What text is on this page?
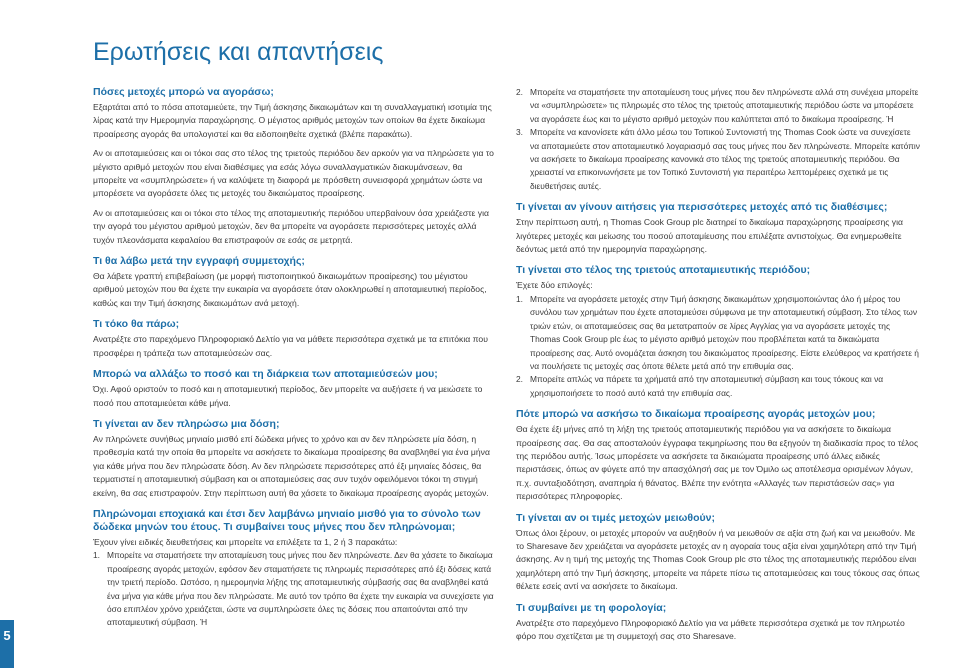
5
Ερωτήσεις και απαντήσεις
Πόσες μετοχές μπορώ να αγοράσω;

Εξαρτάται από το πόσα αποταμιεύετε, την Τιμή άσκησης δικαιωμάτων και τη συναλλαγματική ισοτιμία της λίρας κατά την Ημερομηνία παραχώρησης. Ο μέγιστος αριθμός μετοχών των οποίων θα έχετε δικαίωμα προαίρεσης αγοράς θα υπολογιστεί και θα ειδοποιηθείτε σχετικά (βλέπε παρακάτω).

Αν οι αποταμιεύσεις και οι τόκοι σας στο τέλος της τριετούς περιόδου δεν αρκούν για να πληρώσετε για το μέγιστο αριθμό μετοχών που είναι διαθέσιμες για εσάς λόγω συναλλαγματικών διακυμάνσεων, θα μπορείτε να «συμπληρώσετε» ή να καλύψετε τη διαφορά με πρόσθετη συνεισφορά χρημάτων ώστε να μπορέσετε να αγοράσετε όλες τις μετοχές του δικαιώματος προαίρεσης.

Αν οι αποταμιεύσεις και οι τόκοι στο τέλος της αποταμιευτικής περιόδου υπερβαίνουν όσα χρειάζεστε για την αγορά του μέγιστου αριθμού μετοχών, δεν θα μπορείτε να αγοράσετε περισσότερες μετοχές αλλά τυχόν πλεονάσματα κεφαλαίου θα επιστραφούν σε εσάς σε μετρητά.

Τι θα λάβω μετά την εγγραφή συμμετοχής;

Θα λάβετε γραπτή επιβεβαίωση (με μορφή πιστοποιητικού δικαιωμάτων προαίρεσης) του μέγιστου αριθμού μετοχών που θα έχετε την ευκαιρία να αγοράσετε όταν ολοκληρωθεί η αποταμιευτική περίοδος, καθώς και την Τιμή άσκησης δικαιωμάτων ανά μετοχή.

Τι τόκο θα πάρω;

Ανατρέξτε στο παρεχόμενο Πληροφοριακό Δελτίο για να μάθετε περισσότερα σχετικά με τα επιτόκια που προσφέρει η τράπεζα των αποταμιεύσεών σας.

Μπορώ να αλλάξω το ποσό και τη διάρκεια των αποταμιεύσεών μου;

Όχι. Αφού οριστούν το ποσό και η αποταμιευτική περίοδος, δεν μπορείτε να αυξήσετε ή να μειώσετε το ποσό που αποταμιεύεται κάθε μήνα.

Τι γίνεται αν δεν πληρώσω μια δόση;

Αν πληρώνετε συνήθως μηνιαίο μισθό επί δώδεκα μήνες το χρόνο και αν δεν πληρώσετε μία δόση, η προθεσμία κατά την οποία θα μπορείτε να ασκήσετε το δικαίωμα προαίρεσης θα αναβληθεί για ένα μήνα για κάθε μήνα που δεν πληρώσατε δόση. Αν δεν πληρώσετε περισσότερες από έξι μηνιαίες δόσεις, θα τερματιστεί η αποταμιευτική σύμβαση και οι αποταμιεύσεις σας συν τυχόν οφειλόμενοι τόκοι τη στιγμή εκείνη, θα σας επιστραφούν. Στην περίπτωση αυτή θα χάσετε το δικαίωμα προαίρεσης αγοράς μετοχών.

Πληρώνομαι εποχιακά και έτσι δεν λαμβάνω μηνιαίο μισθό για το σύνολο των δώδεκα μηνών του έτους. Τι συμβαίνει τους μήνες που δεν πληρώνομαι;

Έχουν γίνει ειδικές διευθετήσεις και μπορείτε να επιλέξετε τα 1, 2 ή 3 παρακάτω:

1. Μπορείτε να σταματήσετε την αποταμίευση τους μήνες που δεν πληρώνεστε. Δεν θα χάσετε το δικαίωμα προαίρεσης αγοράς μετοχών, εφόσον δεν σταματήσετε τις πληρωμές περισσότερες από έξι δόσεις κατά την τριετή περίοδο. Ωστόσο, η ημερομηνία λήξης της αποταμιευτικής σύμβασής σας θα αναβληθεί κατά ένα μήνα για κάθε μήνα που δεν πληρώσατε. Με αυτό τον τρόπο θα έχετε την ευκαιρία να συνεχίσετε για όσο επιπλέον χρόνο χρειάζεται, ώστε να συμπληρώσετε όλες τις δόσεις που απαιτούνται από την αποταμιευτική σύμβαση. Ή
2. Μπορείτε να σταματήσετε την αποταμίευση τους μήνες που δεν πληρώνεστε αλλά στη συνέχεια μπορείτε να «συμπληρώσετε» τις πληρωμές στο τέλος της τριετούς αποταμιευτικής περιόδου ώστε να μπορέσετε να αγοράσετε έως και το μέγιστο αριθμό μετοχών που καλύπτεται από το δικαίωμα προαίρεσης. Ή
3. Μπορείτε να κανονίσετε κάτι άλλο μέσω του Τοπικού Συντονιστή της Thomas Cook ώστε να συνεχίσετε να αποταμιεύετε στον αποταμιευτικό λογαριασμό σας τους μήνες που δεν πληρώνεστε. Μπορείτε κατόπιν να ασκήσετε το δικαίωμα προαίρεσης κανονικά στο τέλος της τριετούς αποταμιευτικής περιόδου. Θα χρειαστεί να επικοινωνήσετε με τον Τοπικό Συντονιστή για περαιτέρω λεπτομέρειες σχετικά με τις διευθετήσεις αυτές.
Τι γίνεται αν γίνουν αιτήσεις για περισσότερες μετοχές από τις διαθέσιμες;

Στην περίπτωση αυτή, η Thomas Cook Group plc διατηρεί το δικαίωμα παραχώρησης προαίρεσης για λιγότερες μετοχές και μείωσης του ποσού αποταμίευσης που επιλέξατε αντιστοίχως. Θα ενημερωθείτε δεόντως μετά από την ημερομηνία παραχώρησης.

Τι γίνεται στο τέλος της τριετούς αποταμιευτικής περιόδου;

Έχετε δύο επιλογές:

1. Μπορείτε να αγοράσετε μετοχές στην Τιμή άσκησης δικαιωμάτων χρησιμοποιώντας όλο ή μέρος του συνόλου των χρημάτων που έχετε αποταμιεύσει σύμφωνα με την αποταμιευτική σύμβαση. Στο τέλος των τριών ετών, οι αποταμιεύσεις σας θα μετατραπούν σε λίρες Αγγλίας για να αγοράσετε μετοχές της Thomas Cook Group plc έως το μέγιστο αριθμό μετοχών που προβλέπεται κατά τα δικαιώματα προαίρεσης σας. Αυτό ονομάζεται άσκηση του δικαιώματος προαίρεσης. Είστε ελεύθερος να κρατήσετε ή να πουλήσετε τις μετοχές σας όποτε θέλετε μετά από την επιθυμία σας.
2. Μπορείτε απλώς να πάρετε τα χρήματά από την αποταμιευτική σύμβαση και τους τόκους και να χρησιμοποιήσετε το ποσό αυτό κατά την επιθυμία σας.
Πότε μπορώ να ασκήσω το δικαίωμα προαίρεσης αγοράς μετοχών μου;

Θα έχετε έξι μήνες από τη λήξη της τριετούς αποταμιευτικής περιόδου για να ασκήσετε το δικαίωμα προαίρεσης σας. Θα σας αποσταλούν έγγραφα τεκμηρίωσης που θα εξηγούν τη διαδικασία προς το τέλος της περιόδου αυτής. Ίσως μπορέσετε να ασκήσετε τα δικαιώματα προαίρεσης υπό άλλες ειδικές περιστάσεις, όπως αν φύγετε από την απασχόλησή σας με τον Όμιλο ως αποτέλεσμα ορισμένων λόγων, π.χ. συνταξιοδότηση, αναπηρία ή θάνατος. Βλέπε την ενότητα «Αλλαγές των περιστάσεών σας» για περισσότερες πληροφορίες.

Τι γίνεται αν οι τιμές μετοχών μειωθούν;

Όπως όλοι ξέρουν, οι μετοχές μπορούν να αυξηθούν ή να μειωθούν σε αξία στη ζωή και να μειωθούν. Με το Sharesave δεν χρειάζεται να αγοράσετε μετοχές αν η αγοραία τους αξία είναι χαμηλότερη από την Τιμή άσκησης. Αν η τιμή της μετοχής της Thomas Cook Group plc στο τέλος της αποταμιευτικής περιόδου είναι χαμηλότερη από την Τιμή άσκησης, μπορείτε να πάρετε πίσω τις αποταμιεύσεις και τους τόκους σας όπως θέλετε εσείς αντί να ασκήσετε το δικαίωμα.

Τι συμβαίνει με τη φορολογία;

Ανατρέξτε στο παρεχόμενο Πληροφοριακό Δελτίο για να μάθετε περισσότερα σχετικά με τον πληρωτέο φόρο που σχετίζεται με τη συμμετοχή σας στο Sharesave.
